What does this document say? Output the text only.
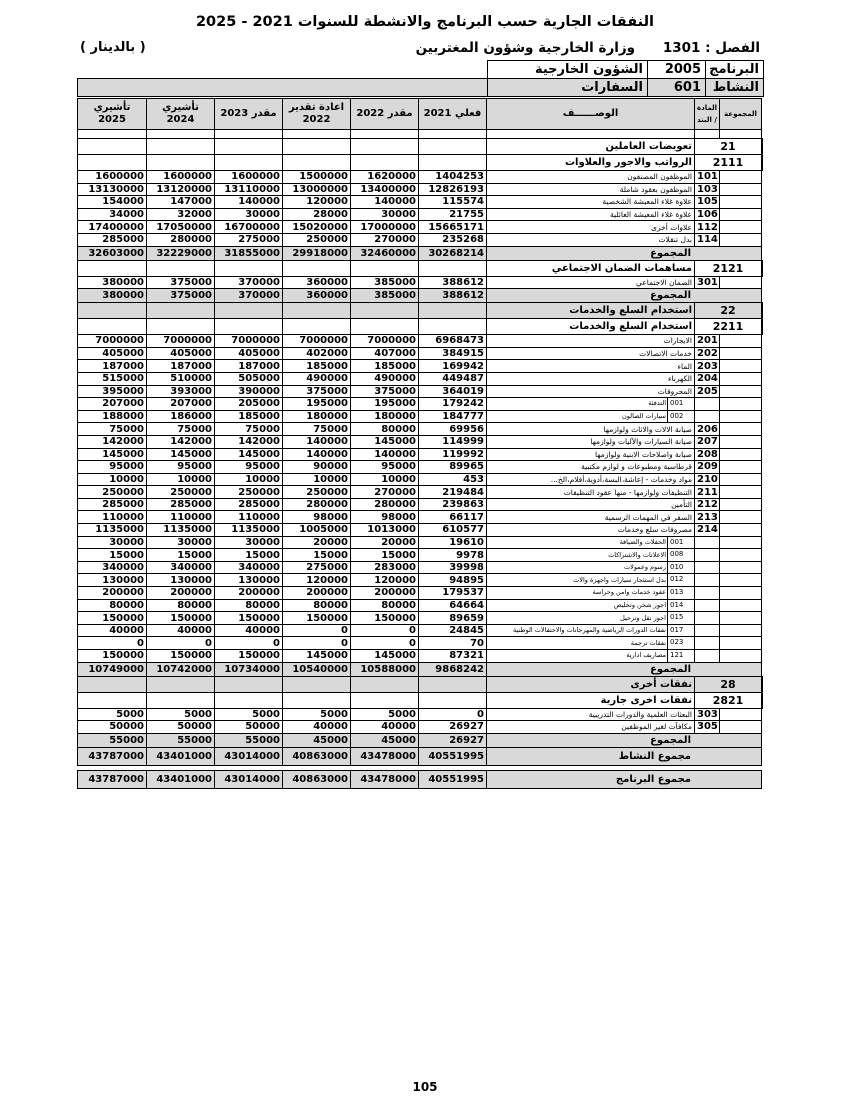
النفقات الجارية حسب البرنامج والانشطة للسنوات 2021 - 2025
وزارة الخارجية وشؤون المغتربين الفصل : 1301
( بالدينار )
	الشؤون الخارجية	2005	البرنامج
	السفارات	601	النشاط
تأشيري 2025	تأشيري 2024	مقدر 2023	اعادة تقدير 2022	مقدر 2022	فعلي 2021	الوصــــــف	المادة / البند	المجموعة	

						تعويضات العاملين	21		
						الرواتب والاجور والعلاوات	2111		
1600000	1600000	1600000	1500000	1620000	1404253	الموظفون المصنفون	101		
13130000	13120000	13110000	13000000	13400000	12826193	الموظفون بعقود شاملة	103		
154000	147000	140000	120000	140000	115574	علاوة غلاء المعيشة الشخصية	105		
34000	32000	30000	28000	30000	21755	علاوة غلاء المعيشة العائلية	106		
17400000	17050000	16700000	15020000	17000000	15665171	علاوات أخرى	112		
285000	280000	275000	250000	270000	235268	بدل تنقلات	114		
32603000	32229000	31855000	29918000	32460000	30268214	المجموع			
						مساهمات الضمان الاجتماعي	2121		
380000	375000	370000	360000	385000	388612	الضمان الاجتماعي	301		
380000	375000	370000	360000	385000	388612	المجموع			
						استخدام السلع والخدمات	22		
						استخدام السلع والخدمات	2211		
7000000	7000000	7000000	7000000	7000000	6968473	الايجارات	201		
405000	405000	405000	402000	407000	384915	خدمات الاتصالات	202		
187000	187000	187000	185000	185000	169942	الماء	203		
515000	510000	505000	490000	490000	449487	الكهرباء	204		
395000	393000	390000	375000	375000	364019	المحروقات	205		
207000	207000	205000	195000	195000	179242	التدفئة 001			

188000	186000	185000	180000	180000	184777	سيارات الصالون 002			

75000	75000	75000	75000	80000	69956	صيانة الالات والاثاث ولوازمها	206		
142000	142000	142000	140000	145000	114999	صيانة السيارات والآليات ولوازمها	207		
145000	145000	145000	140000	140000	119992	صيانة واصلاحات الابنية ولوازمها	208		
95000	95000	95000	90000	95000	89965	قرطاسية ومطبوعات و لوازم مكتبية	209		
10000	10000	10000	10000	10000	453	مواد وخدمات - إعاشة،البسة،أدوية،أفلام،الخ...	210		
250000	250000	250000	250000	270000	219484	التنظيفات ولوازمها - منها عقود التنظيفات	211		
285000	285000	285000	280000	280000	239863	التأمين	212		
110000	110000	110000	98000	98000	66117	السفر في المهمات الرسمية	213		
1135000	1135000	1135000	1005000	1013000	610577	مصروفات سلع وخدمات	214		
30000	30000	30000	20000	20000	19610	الحفلات والضيافة 001			

15000	15000	15000	15000	15000	9978	الاعلانات والاشتراكات 008			

340000	340000	340000	275000	283000	39998	رسوم وعمولات 010			

130000	130000	130000	120000	120000	94895	بدل استئجار سيارات واجهزة والات 012			

200000	200000	200000	200000	200000	179537	عقود خدمات وامن وحراسة 013			

80000	80000	80000	80000	80000	64664	اجور شحن وتخليص 014			

150000	150000	150000	150000	150000	89659	اجور نقل وترحيل 015			

40000	40000	40000	0	0	24845	نفقات الدورات الرياضية والمهرجانات والاحتفالات الوطنية 017			

0	0	0	0	0	70	نفقات ترجمة 023			

150000	150000	150000	145000	145000	87321	مصاريف ادارية 121			

10749000	10742000	10734000	10540000	10588000	9868242	المجموع			
						نفقات أخرى	28		
						نفقات اخرى جارية	2821		
5000	5000	5000	5000	5000	0	البعثات العلمية والدورات التدريبية	303		
50000	50000	50000	40000	40000	26927	مكافآت لغير الموظفين	305		
55000	55000	55000	45000	45000	26927	المجموع			
43787000	43401000	43014000	40863000	43478000	40551995	مجموع النشاط			

43787000	43401000	43014000	40863000	43478000	40551995	مجموع البرنامج			
105
